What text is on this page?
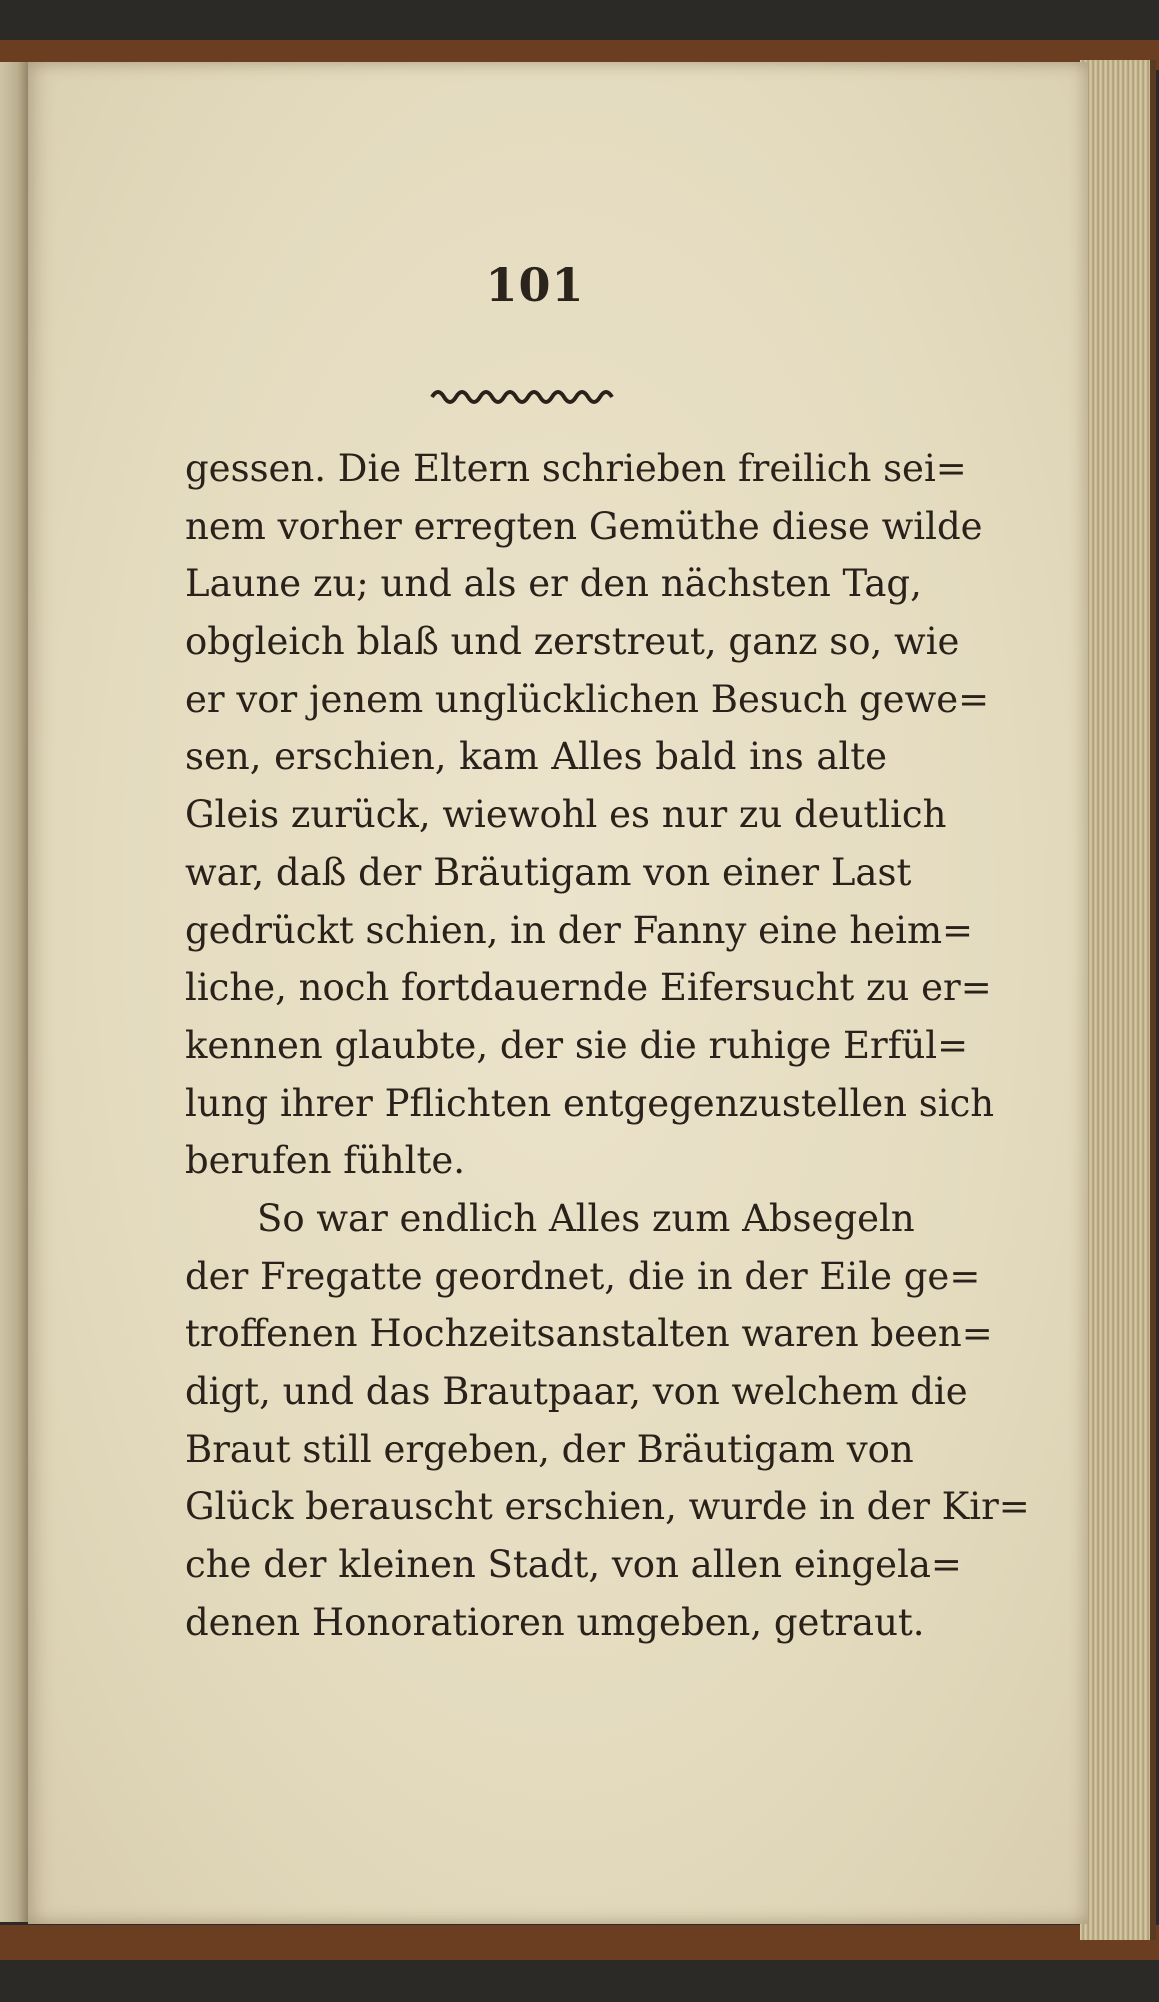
101
gessen. Die Eltern schrieben freilich sei=
nem vorher erregten Gemüthe diese wilde
Laune zu; und als er den nächsten Tag,
obgleich blaß und zerstreut, ganz so, wie
er vor jenem unglücklichen Besuch gewe=
sen, erschien, kam Alles bald ins alte
Gleis zurück, wiewohl es nur zu deutlich
war, daß der Bräutigam von einer Last
gedrückt schien, in der Fanny eine heim=
liche, noch fortdauernde Eifersucht zu er=
kennen glaubte, der sie die ruhige Erfül=
lung ihrer Pflichten entgegenzustellen sich
berufen fühlte.
So war endlich Alles zum Absegeln
der Fregatte geordnet, die in der Eile ge=
troffenen Hochzeitsanstalten waren been=
digt, und das Brautpaar, von welchem die
Braut still ergeben, der Bräutigam von
Glück berauscht erschien, wurde in der Kir=
che der kleinen Stadt, von allen eingela=
denen Honoratioren umgeben, getraut.
